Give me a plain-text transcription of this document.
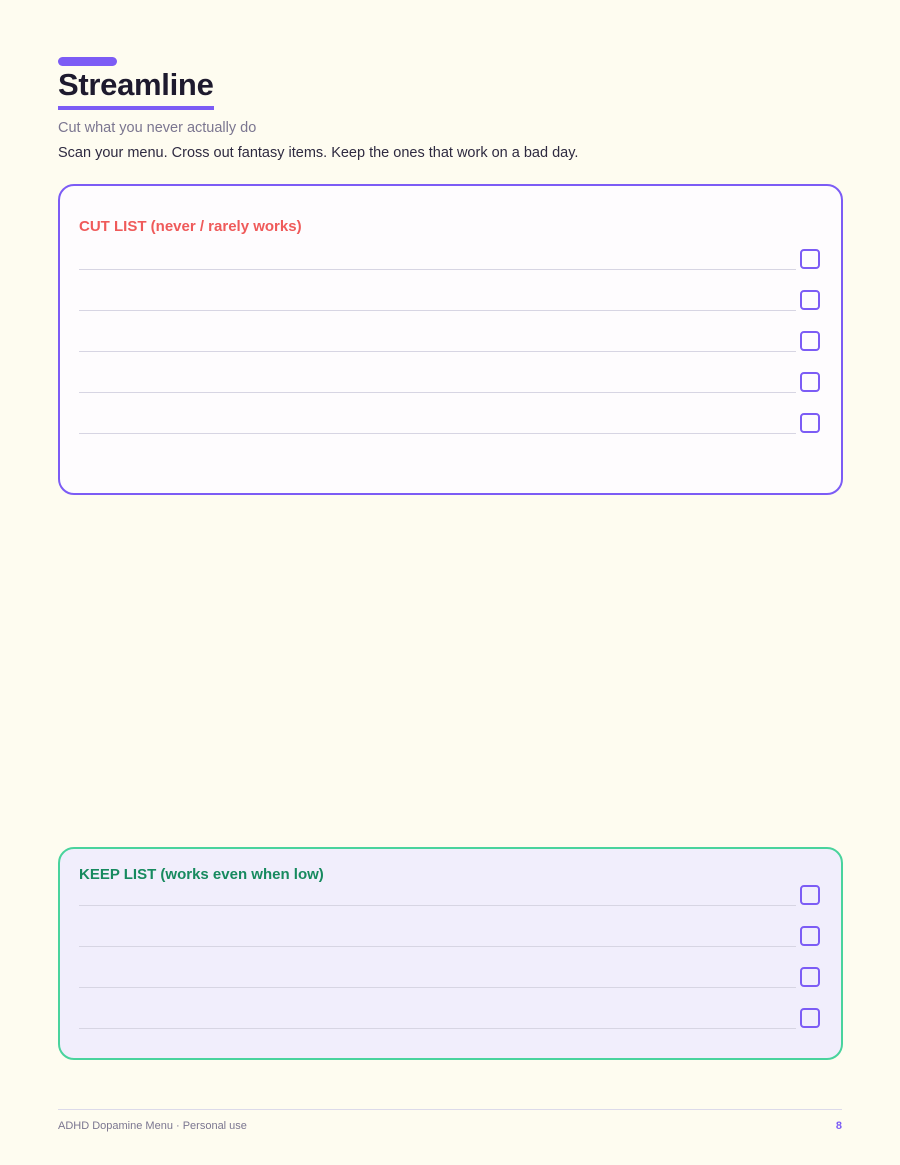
Streamline
Cut what you never actually do
Scan your menu. Cross out fantasy items. Keep the ones that work on a bad day.
CUT LIST (never / rarely works)
KEEP LIST (works even when low)
ADHD Dopamine Menu · Personal use	8
